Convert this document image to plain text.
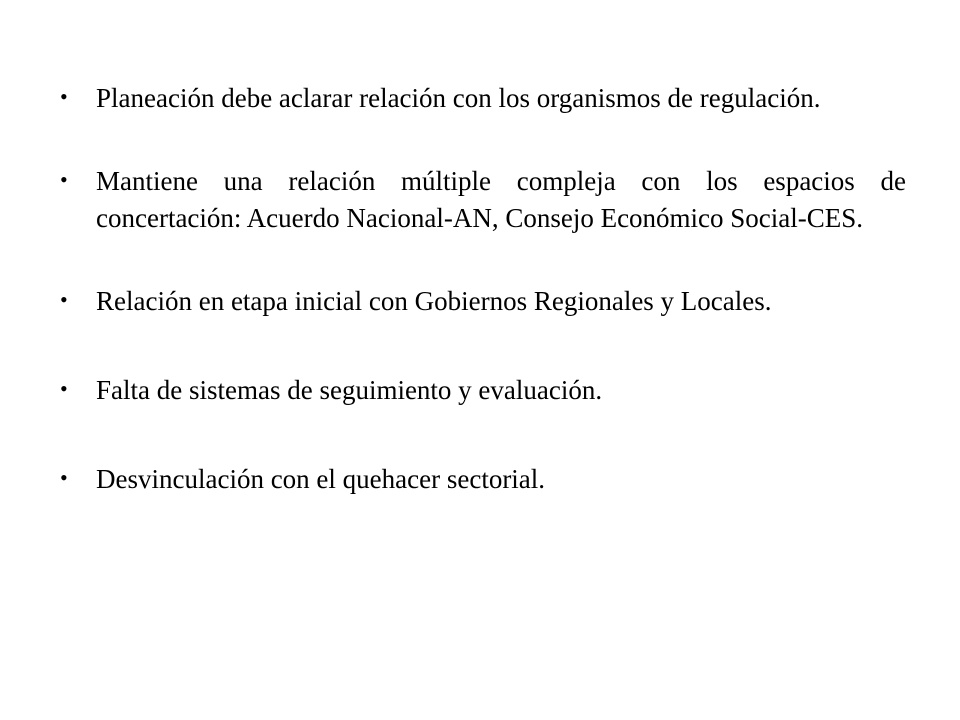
•	Planeación debe aclarar relación con los organismos de regulación.
•	Mantiene una relación múltiple compleja con los espacios de concertación: Acuerdo Nacional-AN, Consejo Económico Social-CES.
•	Relación en etapa inicial con Gobiernos Regionales y Locales.
•	Falta de sistemas de seguimiento y evaluación.
•	Desvinculación con el quehacer sectorial.
